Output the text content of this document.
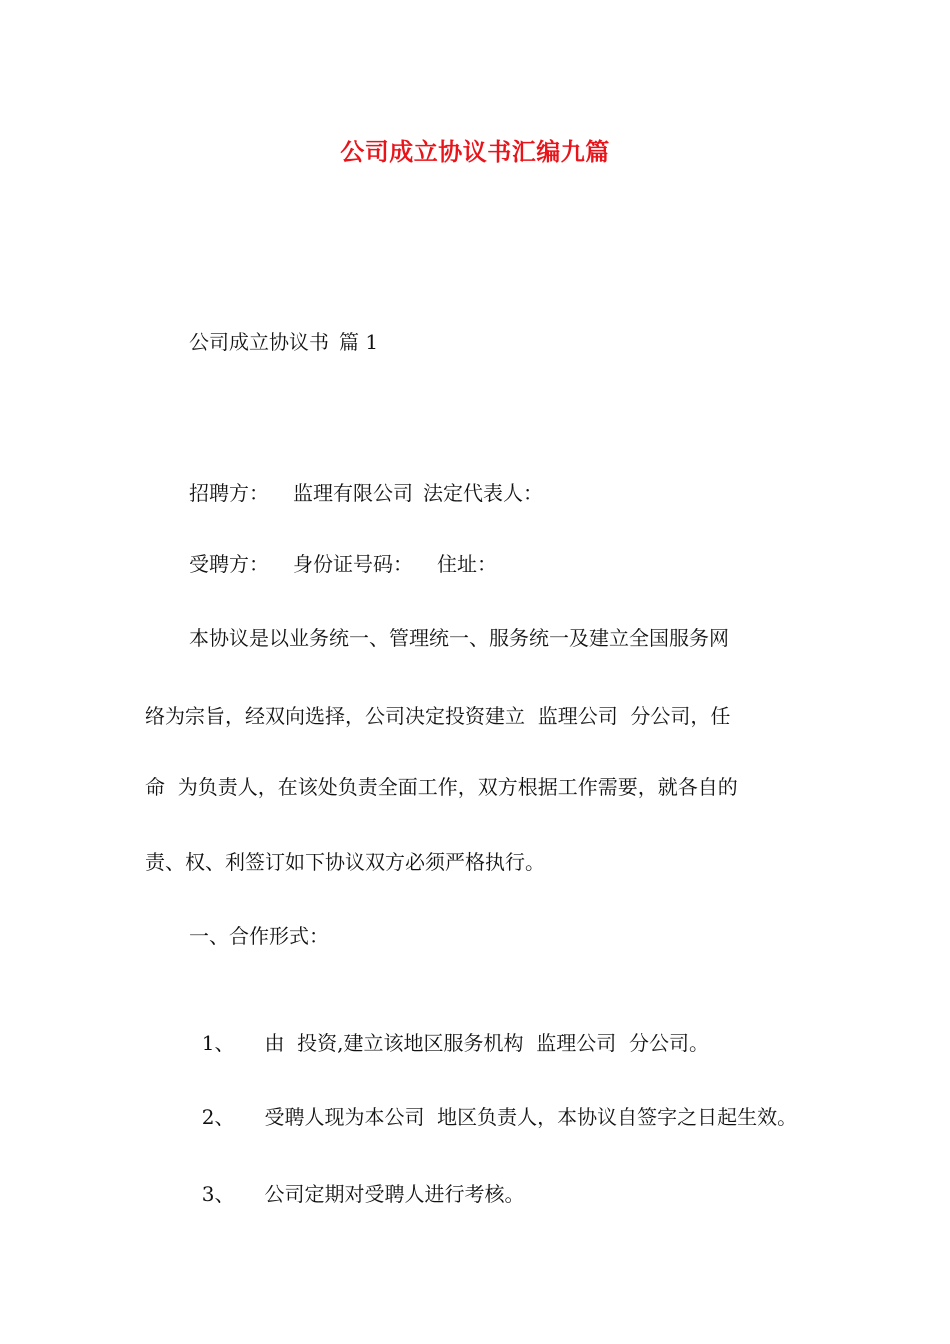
公司成立协议书汇编九篇
公司成立协议书 篇 1
招聘方： 监理有限公司 法定代表人：
受聘方： 身份证号码： 住址：
本协议是以业务统一、管理统一、服务统一及建立全国服务网
络为宗旨，经双向选择，公司决定投资建立  监理公司  分公司，任
命  为负责人，在该处负责全面工作，双方根据工作需要，就各自的
责、权、利签订如下协议双方必须严格执行。
一、合作形式：

1、 由  投资,建立该地区服务机构  监理公司  分公司。

2、 受聘人现为本公司  地区负责人，本协议自签字之日起生效。

3、 公司定期对受聘人进行考核。
